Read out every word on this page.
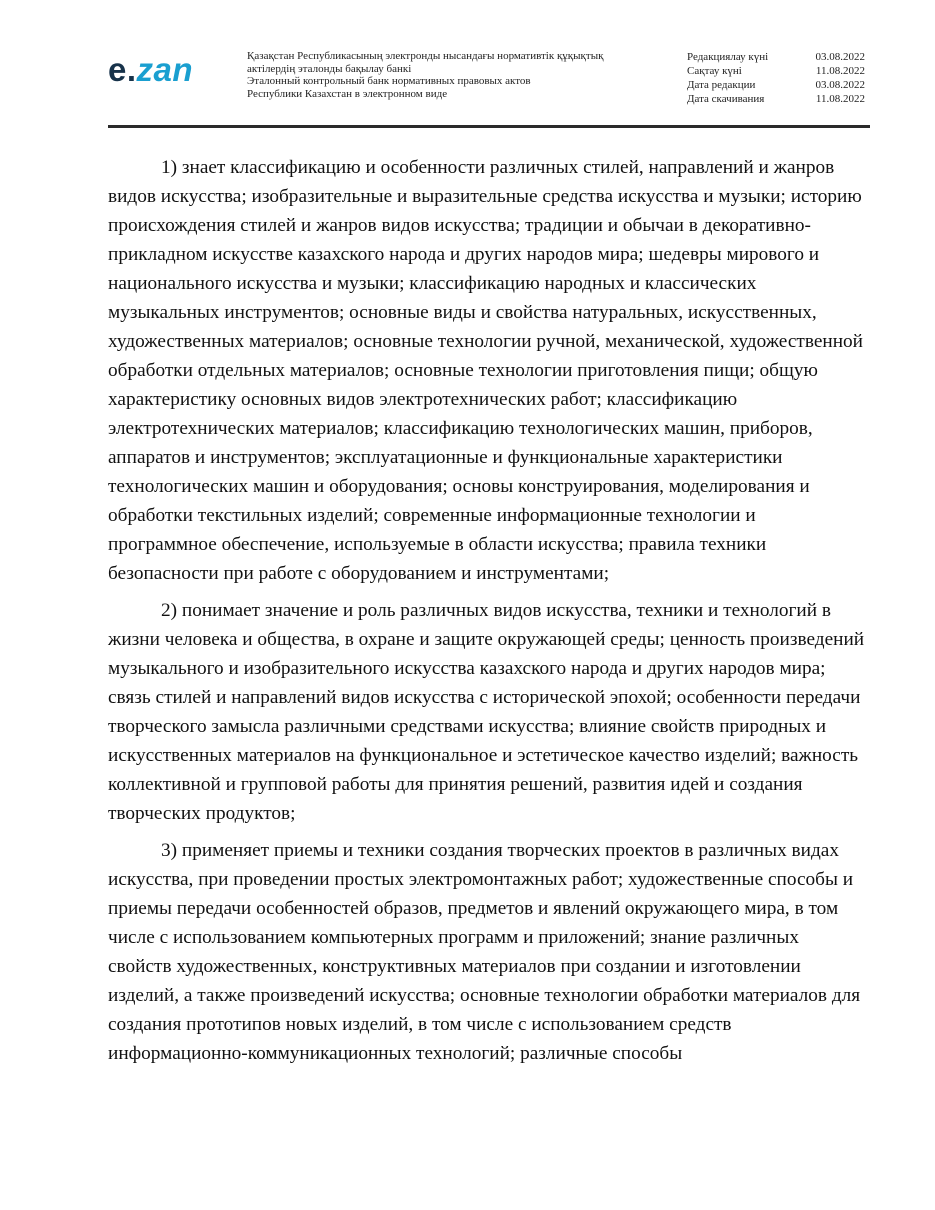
e.zan	Қазақстан Республикасының электронды нысандағы нормативтік құқықтық
актілердің эталонды бақылау банкі
Эталонный контрольный банк нормативных правовых актов
Республики Казахстан в электронном виде
Редакциялау күні	03.08.2022
Сақтау күні	11.08.2022
Дата редакции	03.08.2022
Дата скачивания	11.08.2022

1) знает классификацию и особенности различных стилей, направлений и жанров видов искусства; изобразительные и выразительные средства искусства и музыки; историю происхождения стилей и жанров видов искусства; традиции и обычаи в декоративно-прикладном искусстве казахского народа и других народов мира; шедевры мирового и национального искусства и музыки; классификацию народных и классических музыкальных инструментов; основные виды и свойства натуральных, искусственных, художественных материалов; основные технологии ручной, механической, художественной обработки отдельных материалов; основные технологии приготовления пищи; общую характеристику основных видов электротехнических работ; классификацию электротехнических материалов; классификацию технологических машин, приборов, аппаратов и инструментов; эксплуатационные и функциональные характеристики технологических машин и оборудования; основы конструирования, моделирования и обработки текстильных изделий; современные информационные технологии и программное обеспечение, используемые в области искусства; правила техники безопасности при работе с оборудованием и инструментами;

2) понимает значение и роль различных видов искусства, техники и технологий в жизни человека и общества, в охране и защите окружающей среды; ценность произведений музыкального и изобразительного искусства казахского народа и других народов мира; связь стилей и направлений видов искусства с исторической эпохой; особенности передачи творческого замысла различными средствами искусства; влияние свойств природных и искусственных материалов на функциональное и эстетическое качество изделий; важность коллективной и групповой работы для принятия решений, развития идей и создания творческих продуктов;

3) применяет приемы и техники создания творческих проектов в различных видах искусства, при проведении простых электромонтажных работ; художественные способы и приемы передачи особенностей образов, предметов и явлений окружающего мира, в том числе с использованием компьютерных программ и приложений; знание различных свойств художественных, конструктивных материалов при создании и изготовлении изделий, а также произведений искусства; основные технологии обработки материалов для создания прототипов новых изделий, в том числе с использованием средств информационно-коммуникационных технологий; различные способы
